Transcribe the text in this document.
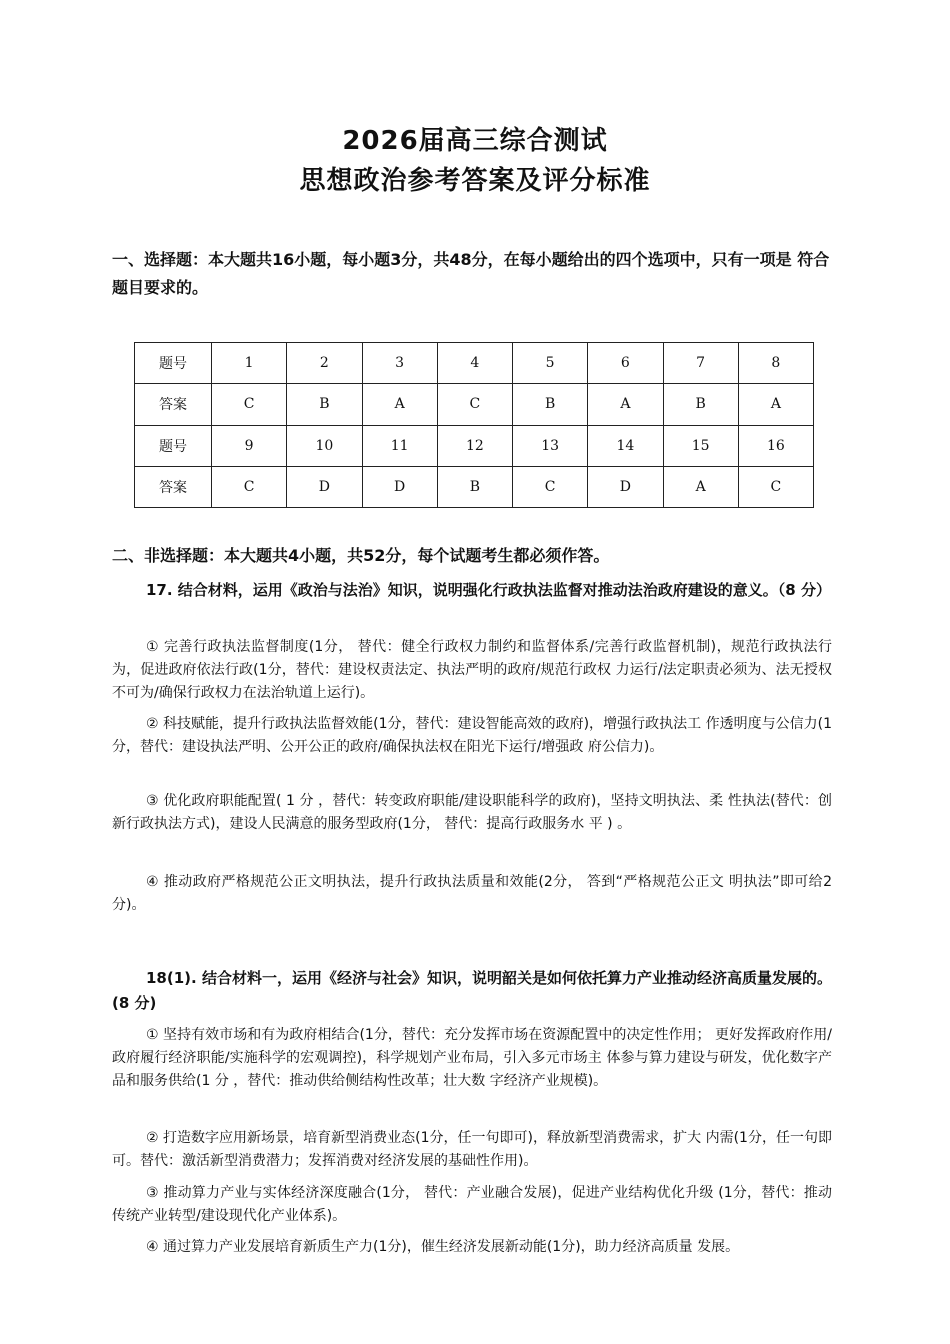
2026届高三综合测试
思想政治参考答案及评分标准
一、选择题：本大题共16小题，每小题3分，共48分，在每小题给出的四个选项中，只有一项是 符合题目要求的。
题号	1	2	3	4	5	6	7	8
答案	C	B	A	C	B	A	B	A
题号	9	10	11	12	13	14	15	16
答案	C	D	D	B	C	D	A	C
二、非选择题：本大题共4小题，共52分，每个试题考生都必须作答。
17. 结合材料，运用《政治与法治》知识，说明强化行政执法监督对推动法治政府建设的意义。（8 分）
① 完善行政执法监督制度(1分， 替代：健全行政权力制约和监督体系/完善行政监督机制)，规范行政执法行为，促进政府依法行政(1分，替代：建设权责法定、执法严明的政府/规范行政权 力运行/法定职责必须为、法无授权不可为/确保行政权力在法治轨道上运行)。
② 科技赋能，提升行政执法监督效能(1分，替代：建设智能高效的政府)，增强行政执法工 作透明度与公信力(1分，替代：建设执法严明、公开公正的政府/确保执法权在阳光下运行/增强政 府公信力)。
③ 优化政府职能配置( 1 分 ，替代：转变政府职能/建设职能科学的政府)，坚持文明执法、柔 性执法(替代：创新行政执法方式)，建设人民满意的服务型政府(1分， 替代：提高行政服务水 平 ) 。
④ 推动政府严格规范公正文明执法，提升行政执法质量和效能(2分， 答到“严格规范公正文 明执法”即可给2分)。
18(1). 结合材料一，运用《经济与社会》知识，说明韶关是如何依托算力产业推动经济高质量发展的。(8 分)
① 坚持有效市场和有为政府相结合(1分，替代：充分发挥市场在资源配置中的决定性作用； 更好发挥政府作用/政府履行经济职能/实施科学的宏观调控)，科学规划产业布局，引入多元市场主 体参与算力建设与研发，优化数字产品和服务供给(1 分 ，替代：推动供给侧结构性改革；壮大数 字经济产业规模)。
② 打造数字应用新场景，培育新型消费业态(1分，任一句即可)，释放新型消费需求，扩大 内需(1分，任一句即可。替代：激活新型消费潜力；发挥消费对经济发展的基础性作用)。
③ 推动算力产业与实体经济深度融合(1分， 替代：产业融合发展)，促进产业结构优化升级 (1分，替代：推动传统产业转型/建设现代化产业体系)。
④ 通过算力产业发展培育新质生产力(1分)，催生经济发展新动能(1分)，助力经济高质量 发展。
